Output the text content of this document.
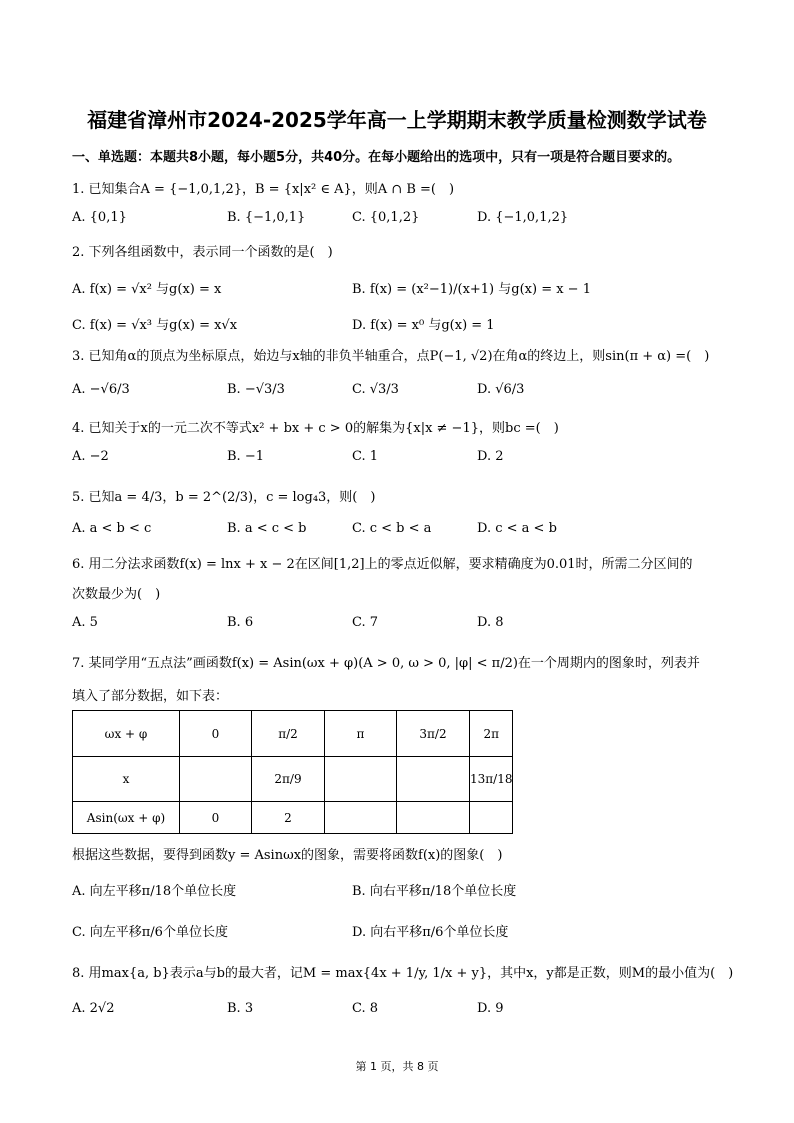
福建省漳州市2024-2025学年高一上学期期末教学质量检测数学试卷
一、单选题：本题共8小题，每小题5分，共40分。在每小题给出的选项中，只有一项是符合题目要求的。
1. 已知集合A = {−1,0,1,2}，B = {x|x² ∈ A}，则A ∩ B =(　)
A. {0,1}	B. {−1,0,1}	C. {0,1,2}	D. {−1,0,1,2}
2. 下列各组函数中，表示同一个函数的是(　)
A. f(x) = √x² 与g(x) = x	B. f(x) = (x²−1)/(x+1) 与g(x) = x − 1
C. f(x) = √x³ 与g(x) = x√x	D. f(x) = x⁰ 与g(x) = 1
3. 已知角α的顶点为坐标原点，始边与x轴的非负半轴重合，点P(−1, √2)在角α的终边上，则sin(π + α) =(　)
A. −√6/3	B. −√3/3	C. √3/3	D. √6/3
4. 已知关于x的一元二次不等式x² + bx + c > 0的解集为{x|x ≠ −1}，则bc =(　)
A. −2	B. −1	C. 1	D. 2
5. 已知a = 4/3，b = 2^(2/3)，c = log₄3，则(　)
A. a < b < c	B. a < c < b	C. c < b < a	D. c < a < b
6. 用二分法求函数f(x) = lnx + x − 2在区间[1,2]上的零点近似解，要求精确度为0.01时，所需二分区间的
次数最少为(　)
A. 5	B. 6	C. 7	D. 8
7. 某同学用“五点法”画函数f(x) = Asin(ωx + φ)(A > 0, ω > 0, |φ| < π/2)在一个周期内的图象时，列表并
填入了部分数据，如下表：
ωx + φ	0	π/2	π	3π/2	2π
x		2π/9			13π/18
Asin(ωx + φ)	0	2			
根据这些数据，要得到函数y = Asinωx的图象，需要将函数f(x)的图象(　)
A. 向左平移π/18个单位长度	B. 向右平移π/18个单位长度
C. 向左平移π/6个单位长度	D. 向右平移π/6个单位长度
8. 用max{a, b}表示a与b的最大者，记M = max{4x + 1/y, 1/x + y}，其中x，y都是正数，则M的最小值为(　)
A. 2√2	B. 3	C. 8	D. 9
第 1 页，共 8 页
